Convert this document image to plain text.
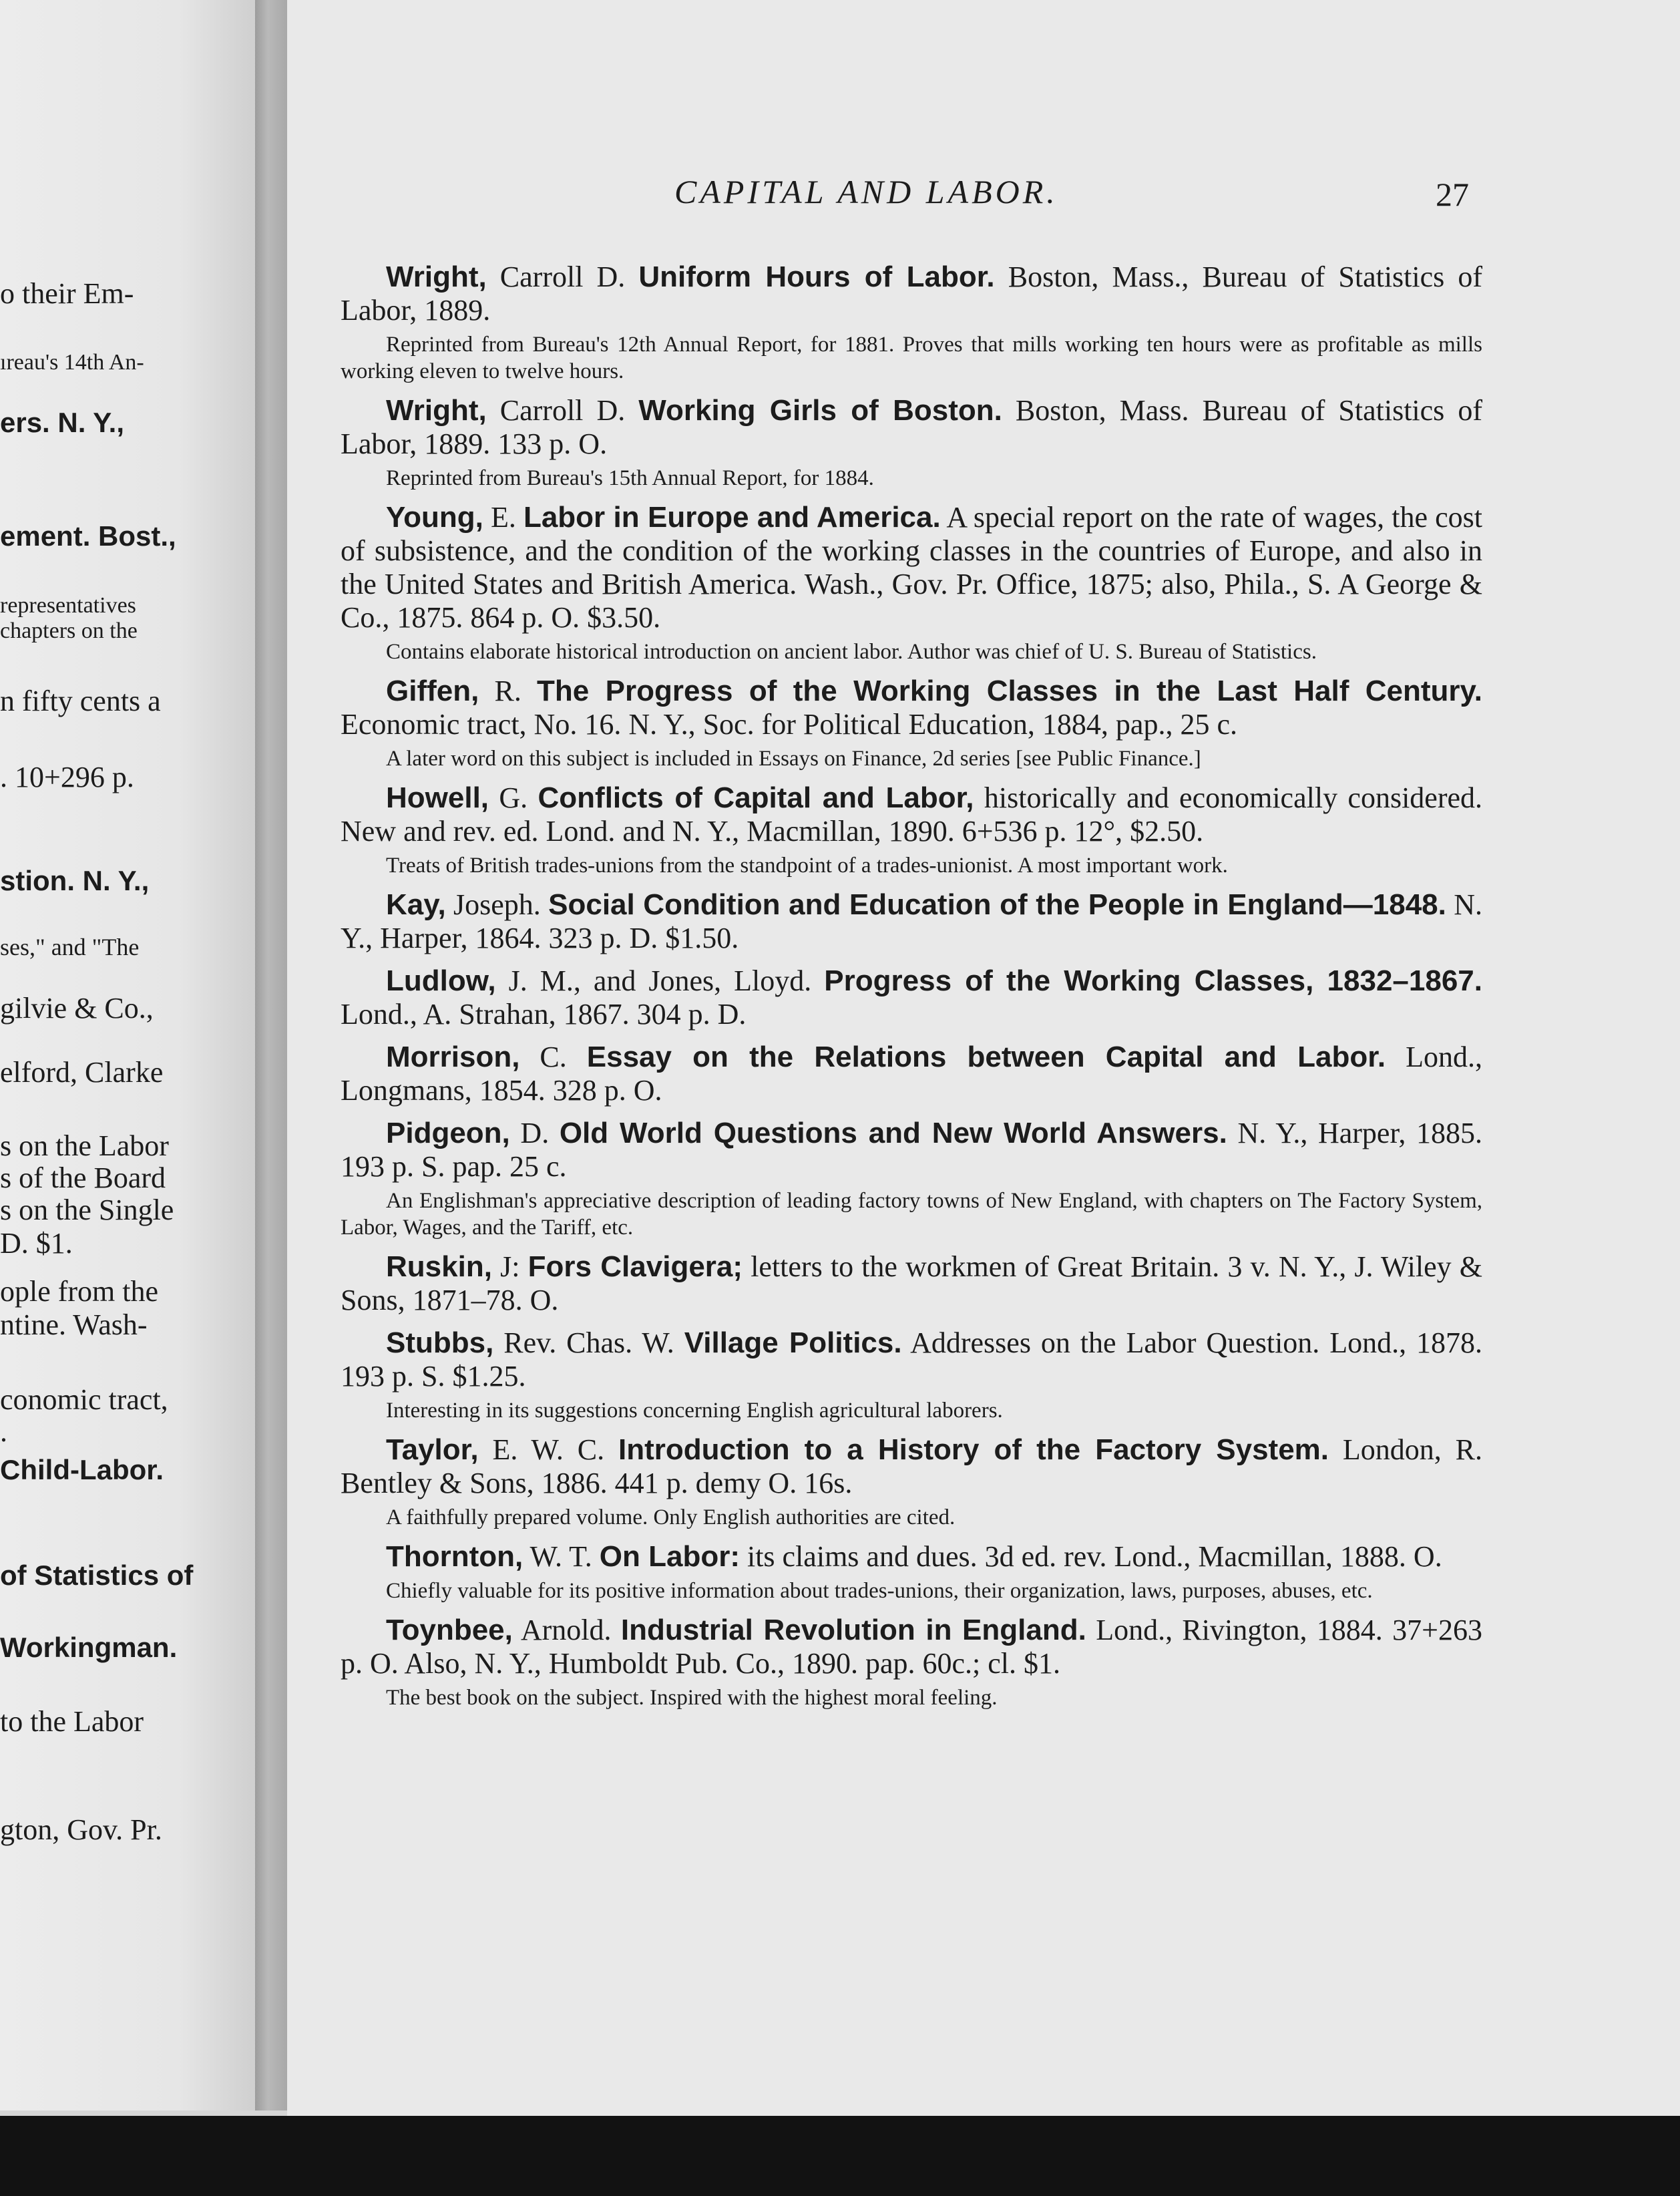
o their Em-
ıreau's 14th An-
ers. N. Y.,
ement. Bost.,
representatives
chapters on the
n fifty cents a
. 10+296 p.
stion. N. Y.,
ses," and "The
gilvie & Co.,
elford, Clarke
s on the Labor
s of the Board
s on the Single
D. $1.
ople from the
ntine. Wash-
conomic tract,
.
Child-Labor.
of Statistics of
Workingman.
to the Labor
gton, Gov. Pr.
CAPITAL AND LABOR.	27
Wright, Carroll D. Uniform Hours of Labor. Boston, Mass., Bureau of Statistics of Labor, 1889.
Reprinted from Bureau's 12th Annual Report, for 1881. Proves that mills working ten hours were as profitable as mills working eleven to twelve hours.
Wright, Carroll D. Working Girls of Boston. Boston, Mass. Bureau of Statistics of Labor, 1889. 133 p. O.
Reprinted from Bureau's 15th Annual Report, for 1884.
Young, E. Labor in Europe and America. A special report on the rate of wages, the cost of subsistence, and the condition of the working classes in the countries of Europe, and also in the United States and British America. Wash., Gov. Pr. Office, 1875; also, Phila., S. A George & Co., 1875. 864 p. O. $3.50.
Contains elaborate historical introduction on ancient labor. Author was chief of U. S. Bureau of Statistics.
Giffen, R. The Progress of the Working Classes in the Last Half Century. Economic tract, No. 16. N. Y., Soc. for Political Education, 1884, pap., 25 c.
A later word on this subject is included in Essays on Finance, 2d series [see Public Finance.]
Howell, G. Conflicts of Capital and Labor, historically and economically considered. New and rev. ed. Lond. and N. Y., Macmillan, 1890. 6+536 p. 12°, $2.50.
Treats of British trades-unions from the standpoint of a trades-unionist. A most important work.
Kay, Joseph. Social Condition and Education of the People in England—1848. N. Y., Harper, 1864. 323 p. D. $1.50.
Ludlow, J. M., and Jones, Lloyd. Progress of the Working Classes, 1832–1867. Lond., A. Strahan, 1867. 304 p. D.
Morrison, C. Essay on the Relations between Capital and Labor. Lond., Longmans, 1854. 328 p. O.
Pidgeon, D. Old World Questions and New World Answers. N. Y., Harper, 1885. 193 p. S. pap. 25 c.
An Englishman's appreciative description of leading factory towns of New England, with chapters on The Factory System, Labor, Wages, and the Tariff, etc.
Ruskin, J: Fors Clavigera; letters to the workmen of Great Britain. 3 v. N. Y., J. Wiley & Sons, 1871–78. O.
Stubbs, Rev. Chas. W. Village Politics. Addresses on the Labor Question. Lond., 1878. 193 p. S. $1.25.
Interesting in its suggestions concerning English agricultural laborers.
Taylor, E. W. C. Introduction to a History of the Factory System. London, R. Bentley & Sons, 1886. 441 p. demy O. 16s.
A faithfully prepared volume. Only English authorities are cited.
Thornton, W. T. On Labor: its claims and dues. 3d ed. rev. Lond., Macmillan, 1888. O.
Chiefly valuable for its positive information about trades-unions, their organization, laws, purposes, abuses, etc.
Toynbee, Arnold. Industrial Revolution in England. Lond., Rivington, 1884. 37+263 p. O. Also, N. Y., Humboldt Pub. Co., 1890. pap. 60c.; cl. $1.
The best book on the subject. Inspired with the highest moral feeling.
